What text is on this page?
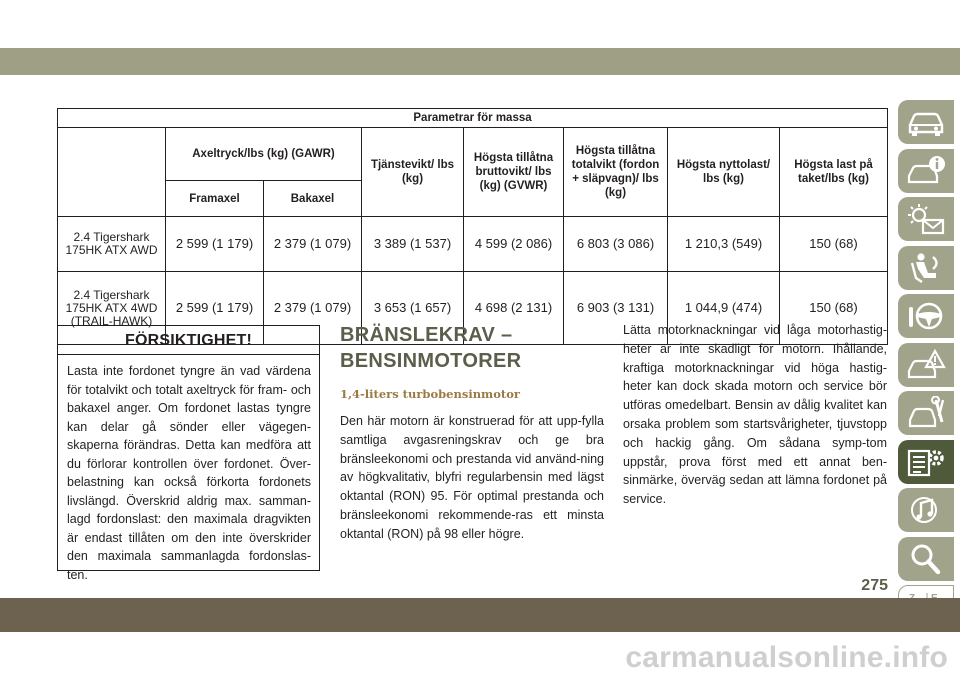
Parametrar för massa							
	Axeltryck/lbs (kg) (GAWR)		Tjänstevikt/ lbs (kg)	Högsta tillåtna bruttovikt/ lbs (kg) (GVWR)	Högsta tillåtna totalvikt (fordon + släpvagn)/ lbs (kg)	Högsta nyttolast/ lbs (kg)	Högsta last på taket/lbs (kg)
	Framaxel	Bakaxel					
2.4 Tigershark 175HK ATX AWD	2 599 (1 179)	2 379 (1 079)	3 389 (1 537)	4 599 (2 086)	6 803 (3 086)	1 210,3 (549)	150 (68)
2.4 Tigershark 175HK ATX 4WD (TRAIL-HAWK)	2 599 (1 179)	2 379 (1 079)	3 653 (1 657)	4 698 (2 131)	6 903 (3 131)	1 044,9 (474)	150 (68)
FÖRSIKTIGHET!
Lasta inte fordonet tyngre än vad värdena för totalvikt och totalt axeltryck för fram- och bakaxel anger. Om fordonet lastas tyngre kan delar gå sönder eller vägegen-skaperna förändras. Detta kan medföra att du förlorar kontrollen över fordonet. Över-belastning kan också förkorta fordonets livslängd. Överskrid aldrig max. samman-lagd fordonslast: den maximala dragvikten är endast tillåten om den inte överskrider den maximala sammanlagda fordonslas-ten.
BRÄNSLEKRAV –
BENSINMOTORER
1,4-liters turbobensinmotor
Den här motorn är konstruerad för att upp-fylla samtliga avgasreningskrav och ge bra bränsleekonomi och prestanda vid använd-ning av högkvalitativ, blyfri regularbensin med lägst oktantal (RON) 95. För optimal prestanda och bränsleekonomi rekommende-ras ett minsta oktantal (RON) på 98 eller högre.
Lätta motorknackningar vid låga motorhastig-heter är inte skadligt för motorn. Ihållande, kraftiga motorknackningar vid höga hastig-heter kan dock skada motorn och service bör utföras omedelbart. Bensin av dålig kvalitet kan orsaka problem som startsvårigheter, tjuvstopp och hackig gång. Om sådana symp-tom uppstår, prova först med ett annat ben-sinmärke, överväg sedan att lämna fordonet på service.
275
carmanualsonline.info
